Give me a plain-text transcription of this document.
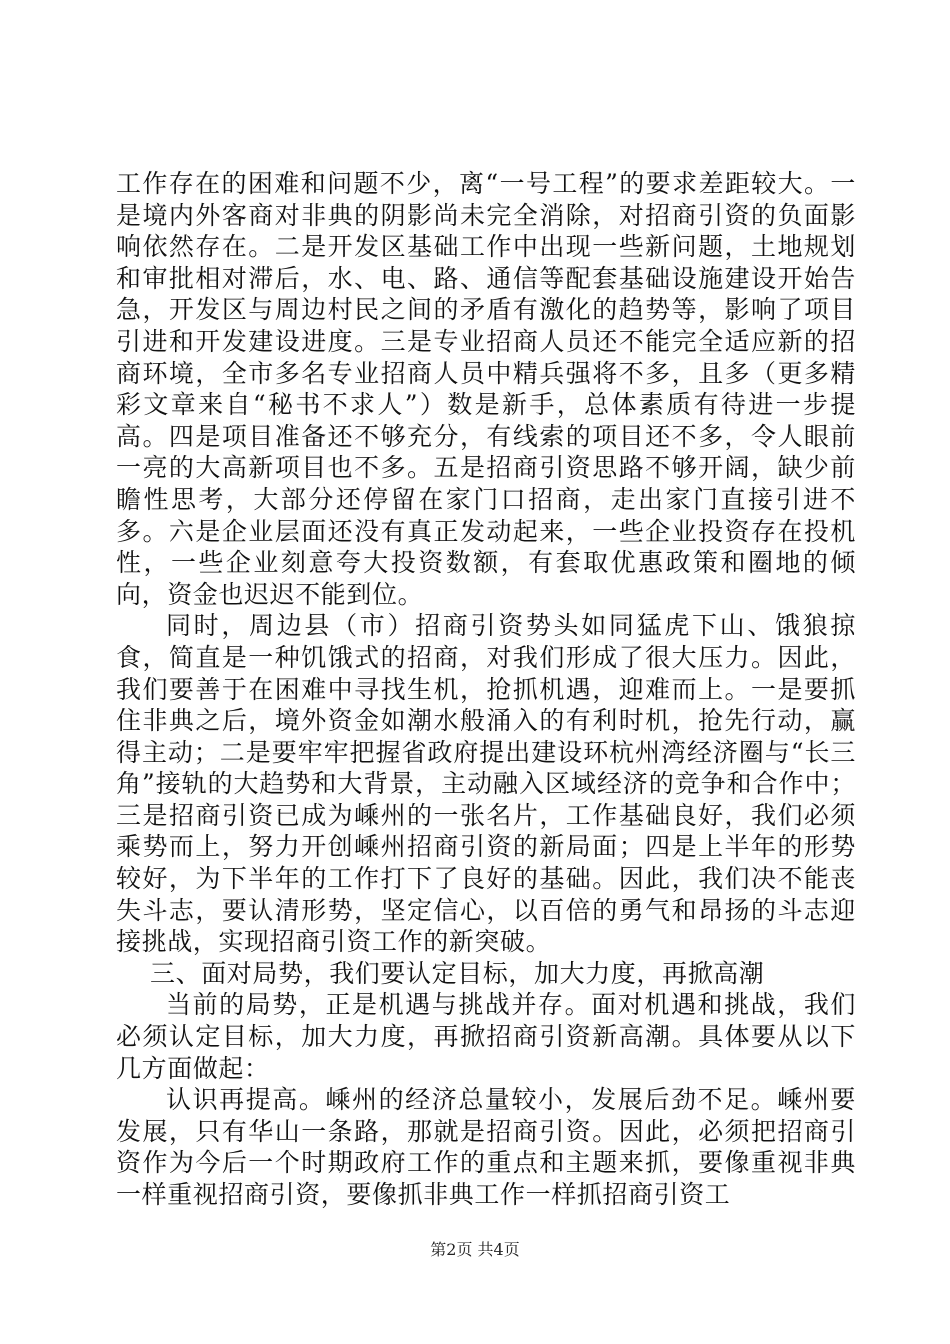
工作存在的困难和问题不少，离“一号工程”的要求差距较大。一是境内外客商对非典的阴影尚未完全消除，对招商引资的负面影响依然存在。二是开发区基础工作中出现一些新问题，土地规划和审批相对滞后，水、电、路、通信等配套基础设施建设开始告急，开发区与周边村民之间的矛盾有激化的趋势等，影响了项目引进和开发建设进度。三是专业招商人员还不能完全适应新的招商环境，全市多名专业招商人员中精兵强将不多，且多（更多精彩文章来自“秘书不求人”）数是新手，总体素质有待进一步提高。四是项目准备还不够充分，有线索的项目还不多，令人眼前一亮的大高新项目也不多。五是招商引资思路不够开阔，缺少前瞻性思考，大部分还停留在家门口招商，走出家门直接引进不多。六是企业层面还没有真正发动起来，一些企业投资存在投机性，一些企业刻意夸大投资数额，有套取优惠政策和圈地的倾向，资金也迟迟不能到位。

同时，周边县（市）招商引资势头如同猛虎下山、饿狼掠食，简直是一种饥饿式的招商，对我们形成了很大压力。因此，我们要善于在困难中寻找生机，抢抓机遇，迎难而上。一是要抓住非典之后，境外资金如潮水般涌入的有利时机，抢先行动，赢得主动；二是要牢牢把握省政府提出建设环杭州湾经济圈与“长三角”接轨的大趋势和大背景，主动融入区域经济的竞争和合作中；三是招商引资已成为嵊州的一张名片，工作基础良好，我们必须乘势而上，努力开创嵊州招商引资的新局面；四是上半年的形势较好，为下半年的工作打下了良好的基础。因此，我们决不能丧失斗志，要认清形势，坚定信心，以百倍的勇气和昂扬的斗志迎接挑战，实现招商引资工作的新突破。

三、面对局势，我们要认定目标，加大力度，再掀高潮

当前的局势，正是机遇与挑战并存。面对机遇和挑战，我们必须认定目标，加大力度，再掀招商引资新高潮。具体要从以下几方面做起：

认识再提高。嵊州的经济总量较小，发展后劲不足。嵊州要发展，只有华山一条路，那就是招商引资。因此，必须把招商引资作为今后一个时期政府工作的重点和主题来抓，要像重视非典一样重视招商引资，要像抓非典工作一样抓招商引资工

第2页 共4页
